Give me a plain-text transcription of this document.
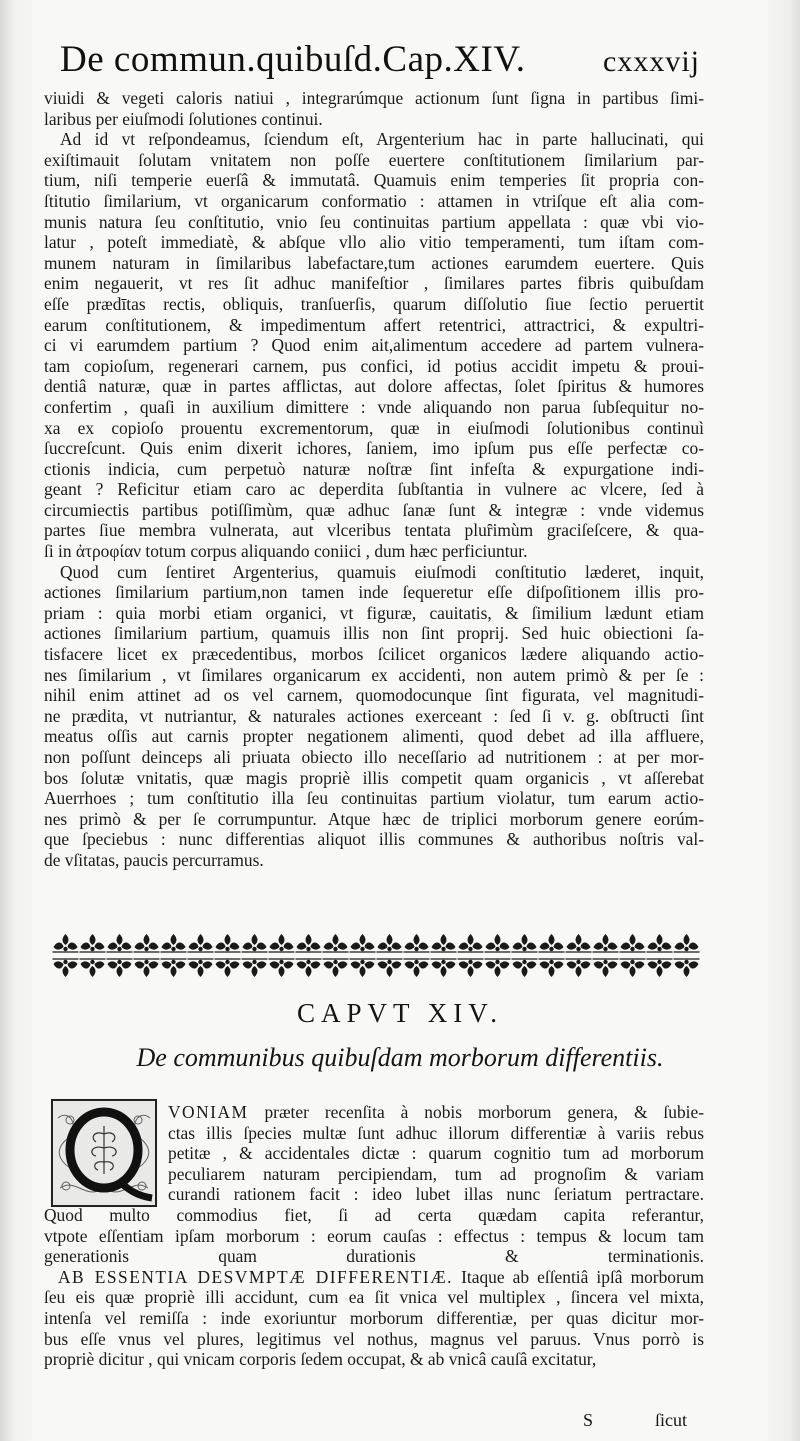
De commun.quibuſd.Cap.XIV.	cxxxvij
viuidi & vegeti caloris natiui , integrarúmque actionum ſunt ſigna in partibus ſimi-
laribus per eiuſmodi ſolutiones continui.
Ad id vt reſpondeamus, ſciendum eſt, Argenterium hac in parte hallucinati, qui
exiſtimauit ſolutam vnitatem non poſſe euertere conſtitutionem ſimilarium par-
tium, niſi temperie euerſâ & immutatâ. Quamuis enim temperies ſit propria con-
ſtitutio ſimilarium, vt organicarum conformatio : attamen in vtriſque eſt alia com-
munis natura ſeu conſtitutio, vnio ſeu continuitas partium appellata : quæ vbi vio-
latur , poteſt immediatè, & abſque vllo alio vitio temperamenti, tum iſtam com-
munem naturam in ſimilaribus labefactare,tum actiones earumdem euertere. Quis
enim negauerit, vt res ſit adhuc manifeſtior , ſimilares partes fibris quibuſdam
eſſe prædītas rectis, obliquis, tranſuerſis, quarum diſſolutio ſiue ſectio peruertit
earum conſtitutionem, & impedimentum affert retentrici, attractrici, & expultri-
ci vi earumdem partium ? Quod enim ait,alimentum accedere ad partem vulnera-
tam copioſum, regenerari carnem, pus confici, id potius accidit impetu & proui-
dentiâ naturæ, quæ in partes afflictas, aut dolore affectas, ſolet ſpiritus & humores
confertim , quaſi in auxilium dimittere : vnde aliquando non parua ſubſequitur no-
xa ex copioſo prouentu excrementorum, quæ in eiuſmodi ſolutionibus continuì
ſuccreſcunt. Quis enim dixerit ichores, ſaniem, imo ipſum pus eſſe perfectæ co-
ctionis indicia, cum perpetuò naturæ noſtræ ſint infeſta & expurgatione indi-
geant ? Reficitur etiam caro ac deperdita ſubſtantia in vulnere ac vlcere, ſed à
circumiectis partibus potiſſimùm, quæ adhuc ſanæ ſunt & integræ : vnde videmus
partes ſiue membra vulnerata, aut vlceribus tentata pluȓimùm graciſeſcere, & qua-
ſi in ἀτροφίαν totum corpus aliquando coniici , dum hæc perficiuntur.
Quod cum ſentiret Argenterius, quamuis eiuſmodi conſtitutio læderet, inquit,
actiones ſimilarium partium,non tamen inde ſequeretur eſſe diſpoſitionem illis pro-
priam : quia morbi etiam organici, vt figuræ, cauitatis, & ſimilium lædunt etiam
actiones ſimilarium partium, quamuis illis non ſint proprij. Sed huic obiectioni ſa-
tisfacere licet ex præcedentibus, morbos ſcilicet organicos lædere aliquando actio-
nes ſimilarium , vt ſimilares organicarum ex accidenti, non autem primò & per ſe :
nihil enim attinet ad os vel carnem, quomodocunque ſint figurata, vel magnitudi-
ne prædita, vt nutriantur, & naturales actiones exerceant : ſed ſi v. g. obſtructi ſint
meatus oſſis aut carnis propter negationem alimenti, quod debet ad illa affluere,
non poſſunt deinceps ali priuata obiecto illo neceſſario ad nutritionem : at per mor-
bos ſolutæ vnitatis, quæ magis propriè illis competit quam organicis , vt aſſerebat
Auerrhoes ; tum conſtitutio illa ſeu continuitas partium violatur, tum earum actio-
nes primò & per ſe corrumpuntur. Atque hæc de triplici morborum genere eorúm-
que ſpeciebus : nunc differentias aliquot illis communes & authoribus noſtris val-
de vſitatas, paucis percurramus.
CAPVT XIV.
De communibus quibuſdam morborum differentiis.
VONIAM præter recenſita à nobis morborum genera, & ſubie-
ctas illis ſpecies multæ ſunt adhuc illorum differentiæ à variis rebus
petitæ , & accidentales dictæ : quarum cognitio tum ad morborum
peculiarem naturam percipiendam, tum ad prognoſim & variam
curandi rationem facit : ideo lubet illas nunc ſeriatum pertractare.
Quod multo commodius fiet, ſi ad certa quædam capita referantur,
vtpote eſſentiam ipſam morborum : eorum cauſas : effectus : tempus & locum tam
generationis quam durationis & terminationis.
AB ESSENTIA DESVMPTÆ DIFFERENTIÆ. Itaque ab eſſentiâ ipſâ morborum
ſeu eis quæ propriè illi accidunt, cum ea ſit vnica vel multiplex , ſincera vel mixta,
intenſa vel remiſſa : inde exoriuntur morborum differentiæ, per quas dicitur mor-
bus eſſe vnus vel plures, legitimus vel nothus, magnus vel paruus. Vnus porrò is
propriè dicitur , qui vnicam corporis ſedem occupat, & ab vnicâ cauſâ excitatur,
S	ſicut
